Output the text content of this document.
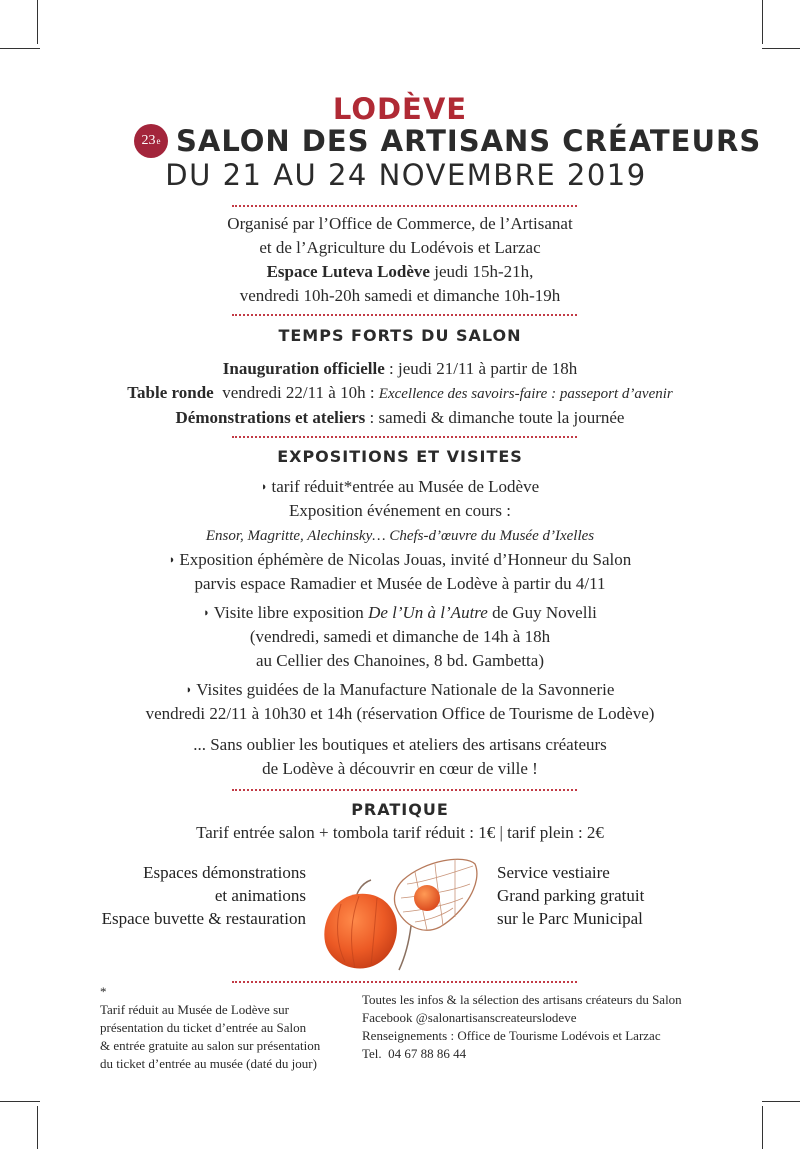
LODÈVE
23 e SALON DES ARTISANS CRÉATEURS
DU 21 AU 24 NOVEMBRE 2019
Organisé par l’Office de Commerce, de l’Artisanat
et de l’Agriculture du Lodévois et Larzac
Espace Luteva Lodève jeudi 15h-21h,
vendredi 10h-20h samedi et dimanche 10h-19h
TEMPS FORTS DU SALON
Inauguration officielle : jeudi 21/11 à partir de 18h
Table ronde  vendredi 22/11 à 10h : Excellence des savoirs-faire : passeport d’avenir
Démonstrations et ateliers : samedi & dimanche toute la journée
EXPOSITIONS ET VISITES
◗ tarif réduit*entrée au Musée de Lodève
Exposition événement en cours :
Ensor, Magritte, Alechinsky… Chefs-d’œuvre du Musée d’Ixelles
◗ Exposition éphémère de Nicolas Jouas, invité d’Honneur du Salon
parvis espace Ramadier et Musée de Lodève à partir du 4/11
◗ Visite libre exposition De l’Un à l’Autre de Guy Novelli
(vendredi, samedi et dimanche de 14h à 18h
au Cellier des Chanoines, 8 bd. Gambetta)
◗ Visites guidées de la Manufacture Nationale de la Savonnerie
vendredi 22/11 à 10h30 et 14h (réservation Office de Tourisme de Lodève)
... Sans oublier les boutiques et ateliers des artisans créateurs
de Lodève à découvrir en cœur de ville !
PRATIQUE
Tarif entrée salon + tombola tarif réduit : 1€ | tarif plein : 2€
Espaces démonstrations
et animations
Espace buvette & restauration
Service vestiaire
Grand parking gratuit
sur le Parc Municipal
*
Tarif réduit au Musée de Lodève sur
présentation du ticket d’entrée au Salon
& entrée gratuite au salon sur présentation
du ticket d’entrée au musée (daté du jour)
Toutes les infos & la sélection des artisans créateurs du Salon
Facebook @salonartisanscreateurslodeve
Renseignements : Office de Tourisme Lodévois et Larzac
Tel.  04 67 88 86 44
